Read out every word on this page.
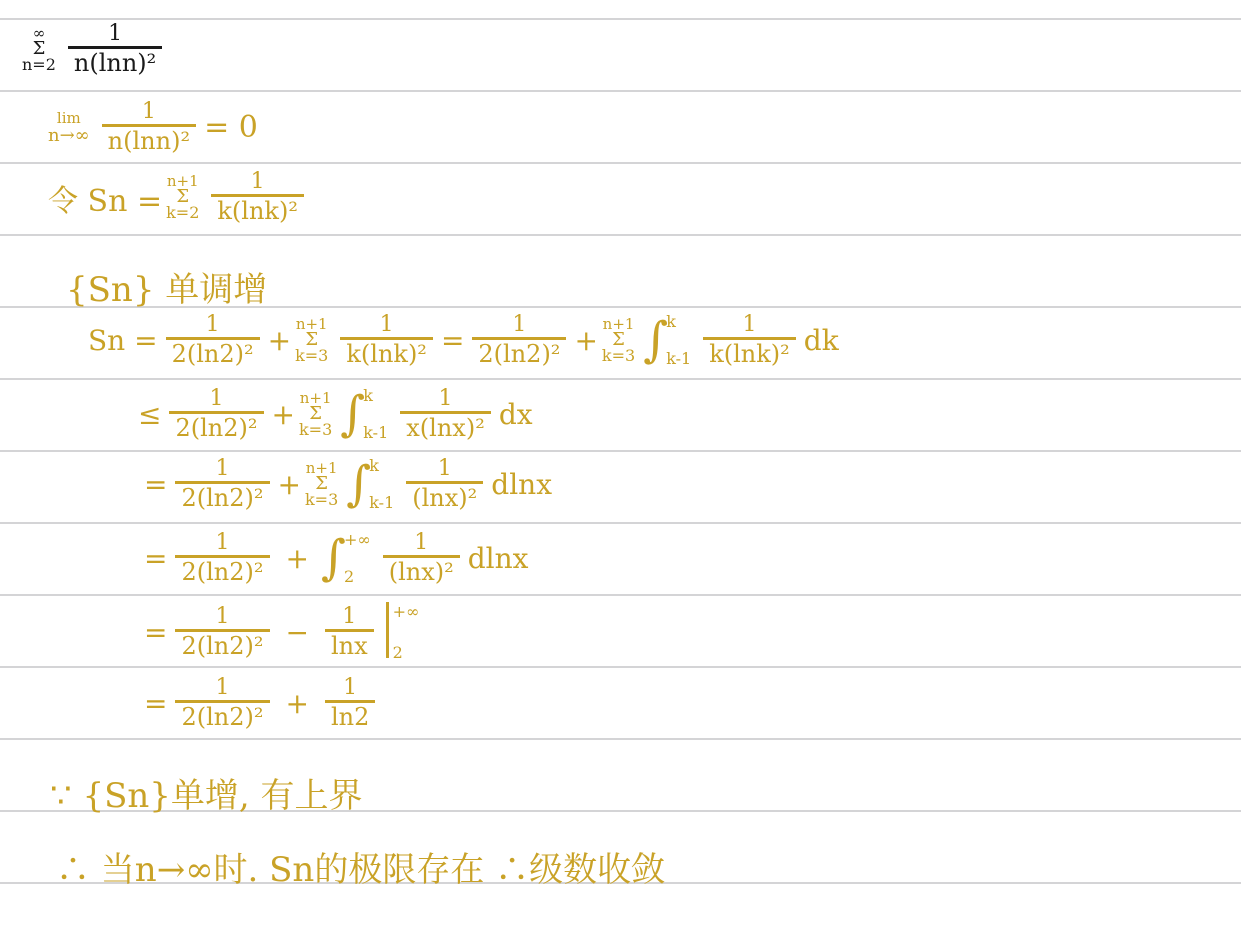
∞
Σ
$n=2 \frac{1}{\text{n(lnn)²}}$
lim
$n\to\infty \frac{1}{\text{n(lnn)²}} = 0$
令 Sn =
n+1
Σ
$k=2 \frac{1}{\text{k(lnk)²}}$
{Sn} 单调增
$Sn = \frac{1}{\text{2(ln2)²}} + n+1$
Σ
$k=3 \frac{1}{\text{k(lnk)²}} = \frac{1}{\text{2(ln2)²}} + n+1$
Σ
k=3 ∫
k
$k-1 \frac{1}{\text{k(lnk)²}}$ dk
≤ $\frac{1}{\text{2(ln2)²}} + n+1$
Σ
k=3 ∫
k
$k-1 \frac{1}{\text{x(lnx)²}}$ dx
= $\frac{1}{\text{2(ln2)²}} + n+1$
Σ
k=3 ∫
k
$k-1 \frac{1}{\text{(lnx)²}}$ dlnx
= $\frac{1}{\text{2(ln2)²}}$ + ∫
+∞
2	$\frac{1}{\text{(lnx)²}}$ dlnx
= $\frac{1}{\text{2(ln2)²}} - \frac{1}{\ln x}$ +∞
2
= $\frac{1}{\text{2(ln2)²}} + \frac{1}{\ln 2}$
∵ {Sn}单增, 有上界
∴ 当n→∞时. Sn的极限存在 ∴级数收敛
